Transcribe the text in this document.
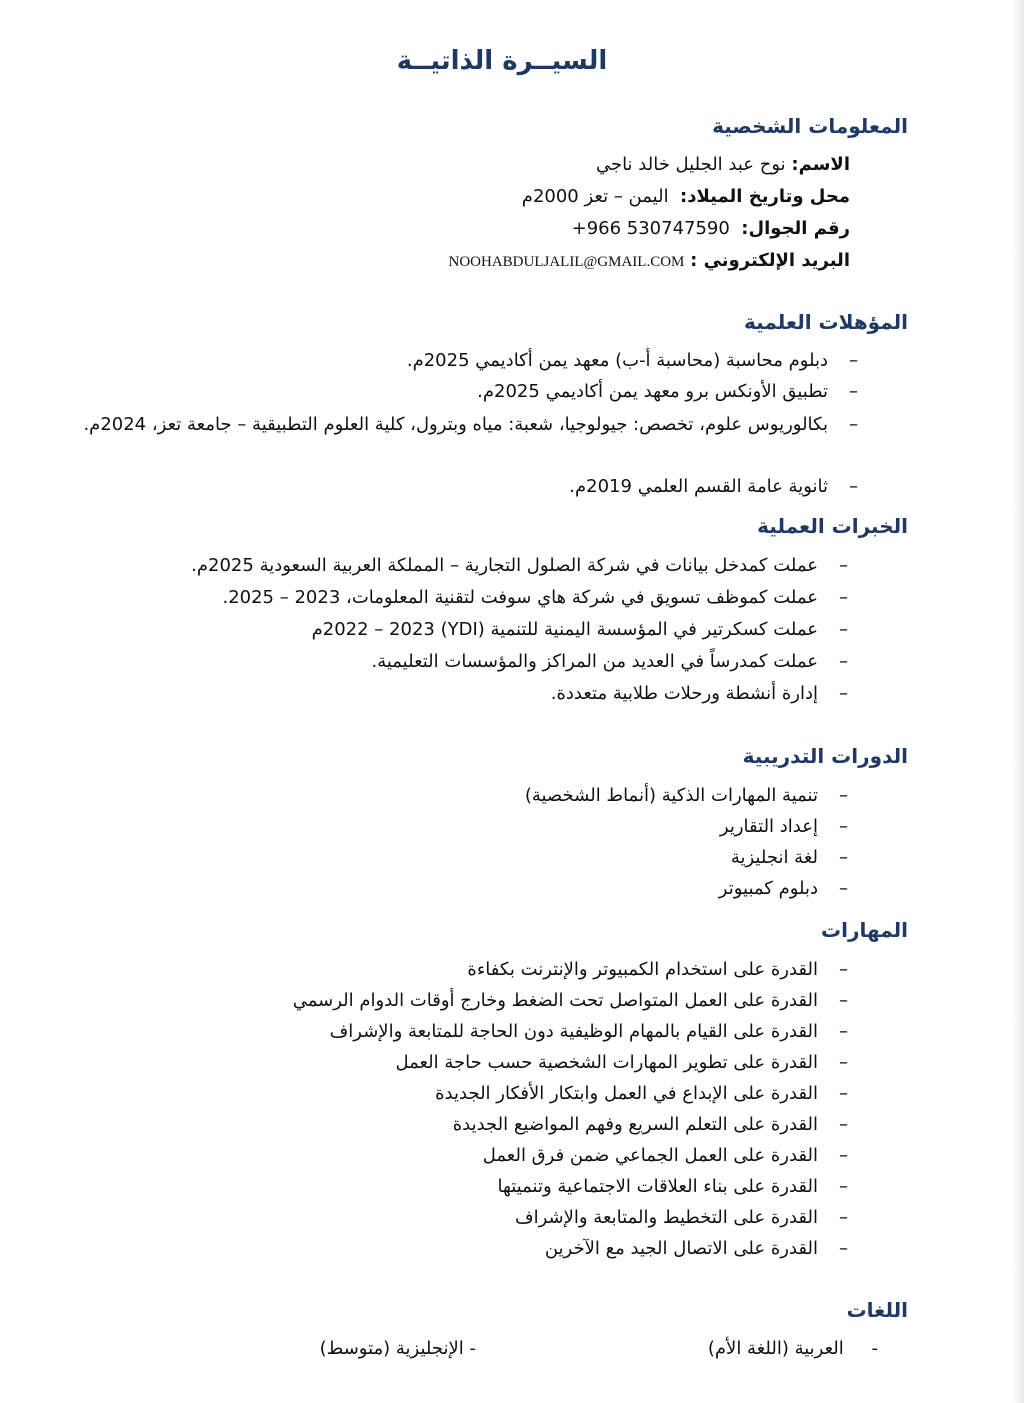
السيــرة الذاتيــة
المعلومات الشخصية
الاسم: نوح عبد الجليل خالد ناجي
محل وتاريخ الميلاد:  اليمن – تعز 2000م
رقم الجوال:  +966 530747590
البريد الإلكتروني : NOOHABDULJALIL@GMAIL.COM
المؤهلات العلمية
–
دبلوم محاسبة (محاسبة أ-ب) معهد يمن أكاديمي 2025م.
–
تطبيق الأونكس برو معهد يمن أكاديمي 2025م.
–
بكالوريوس علوم، تخصص: جيولوجيا، شعبة: مياه وبترول، كلية العلوم التطبيقية – جامعة تعز، 2024م.
–
ثانوية عامة القسم العلمي 2019م.
الخبرات العملية
–
عملت كمدخل بيانات في شركة الصلول التجارية – المملكة العربية السعودية 2025م.
–
عملت كموظف تسويق في شركة هاي سوفت لتقنية المعلومات، 2023 – 2025.
–
عملت كسكرتير في المؤسسة اليمنية للتنمية (YDI) 2022 – 2023م
–
عملت كمدرساً في العديد من المراكز والمؤسسات التعليمية.
–
إدارة أنشطة ورحلات طلابية متعددة.
الدورات التدريبية
–
تنمية المهارات الذكية (أنماط الشخصية)
–
إعداد التقارير
–
لغة انجليزية
–
دبلوم كمبيوتر
المهارات
–
القدرة على استخدام الكمبيوتر والإنترنت بكفاءة
–
القدرة على العمل المتواصل تحت الضغط وخارج أوقات الدوام الرسمي
–
القدرة على القيام بالمهام الوظيفية دون الحاجة للمتابعة والإشراف
–
القدرة على تطوير المهارات الشخصية حسب حاجة العمل
–
القدرة على الإبداع في العمل وابتكار الأفكار الجديدة
–
القدرة على التعلم السريع وفهم المواضيع الجديدة
–
القدرة على العمل الجماعي ضمن فرق العمل
–
القدرة على بناء العلاقات الاجتماعية وتنميتها
–
القدرة على التخطيط والمتابعة والإشراف
–
القدرة على الاتصال الجيد مع الآخرين
اللغات
- العربية (اللغة الأم)
- الإنجليزية (متوسط)
